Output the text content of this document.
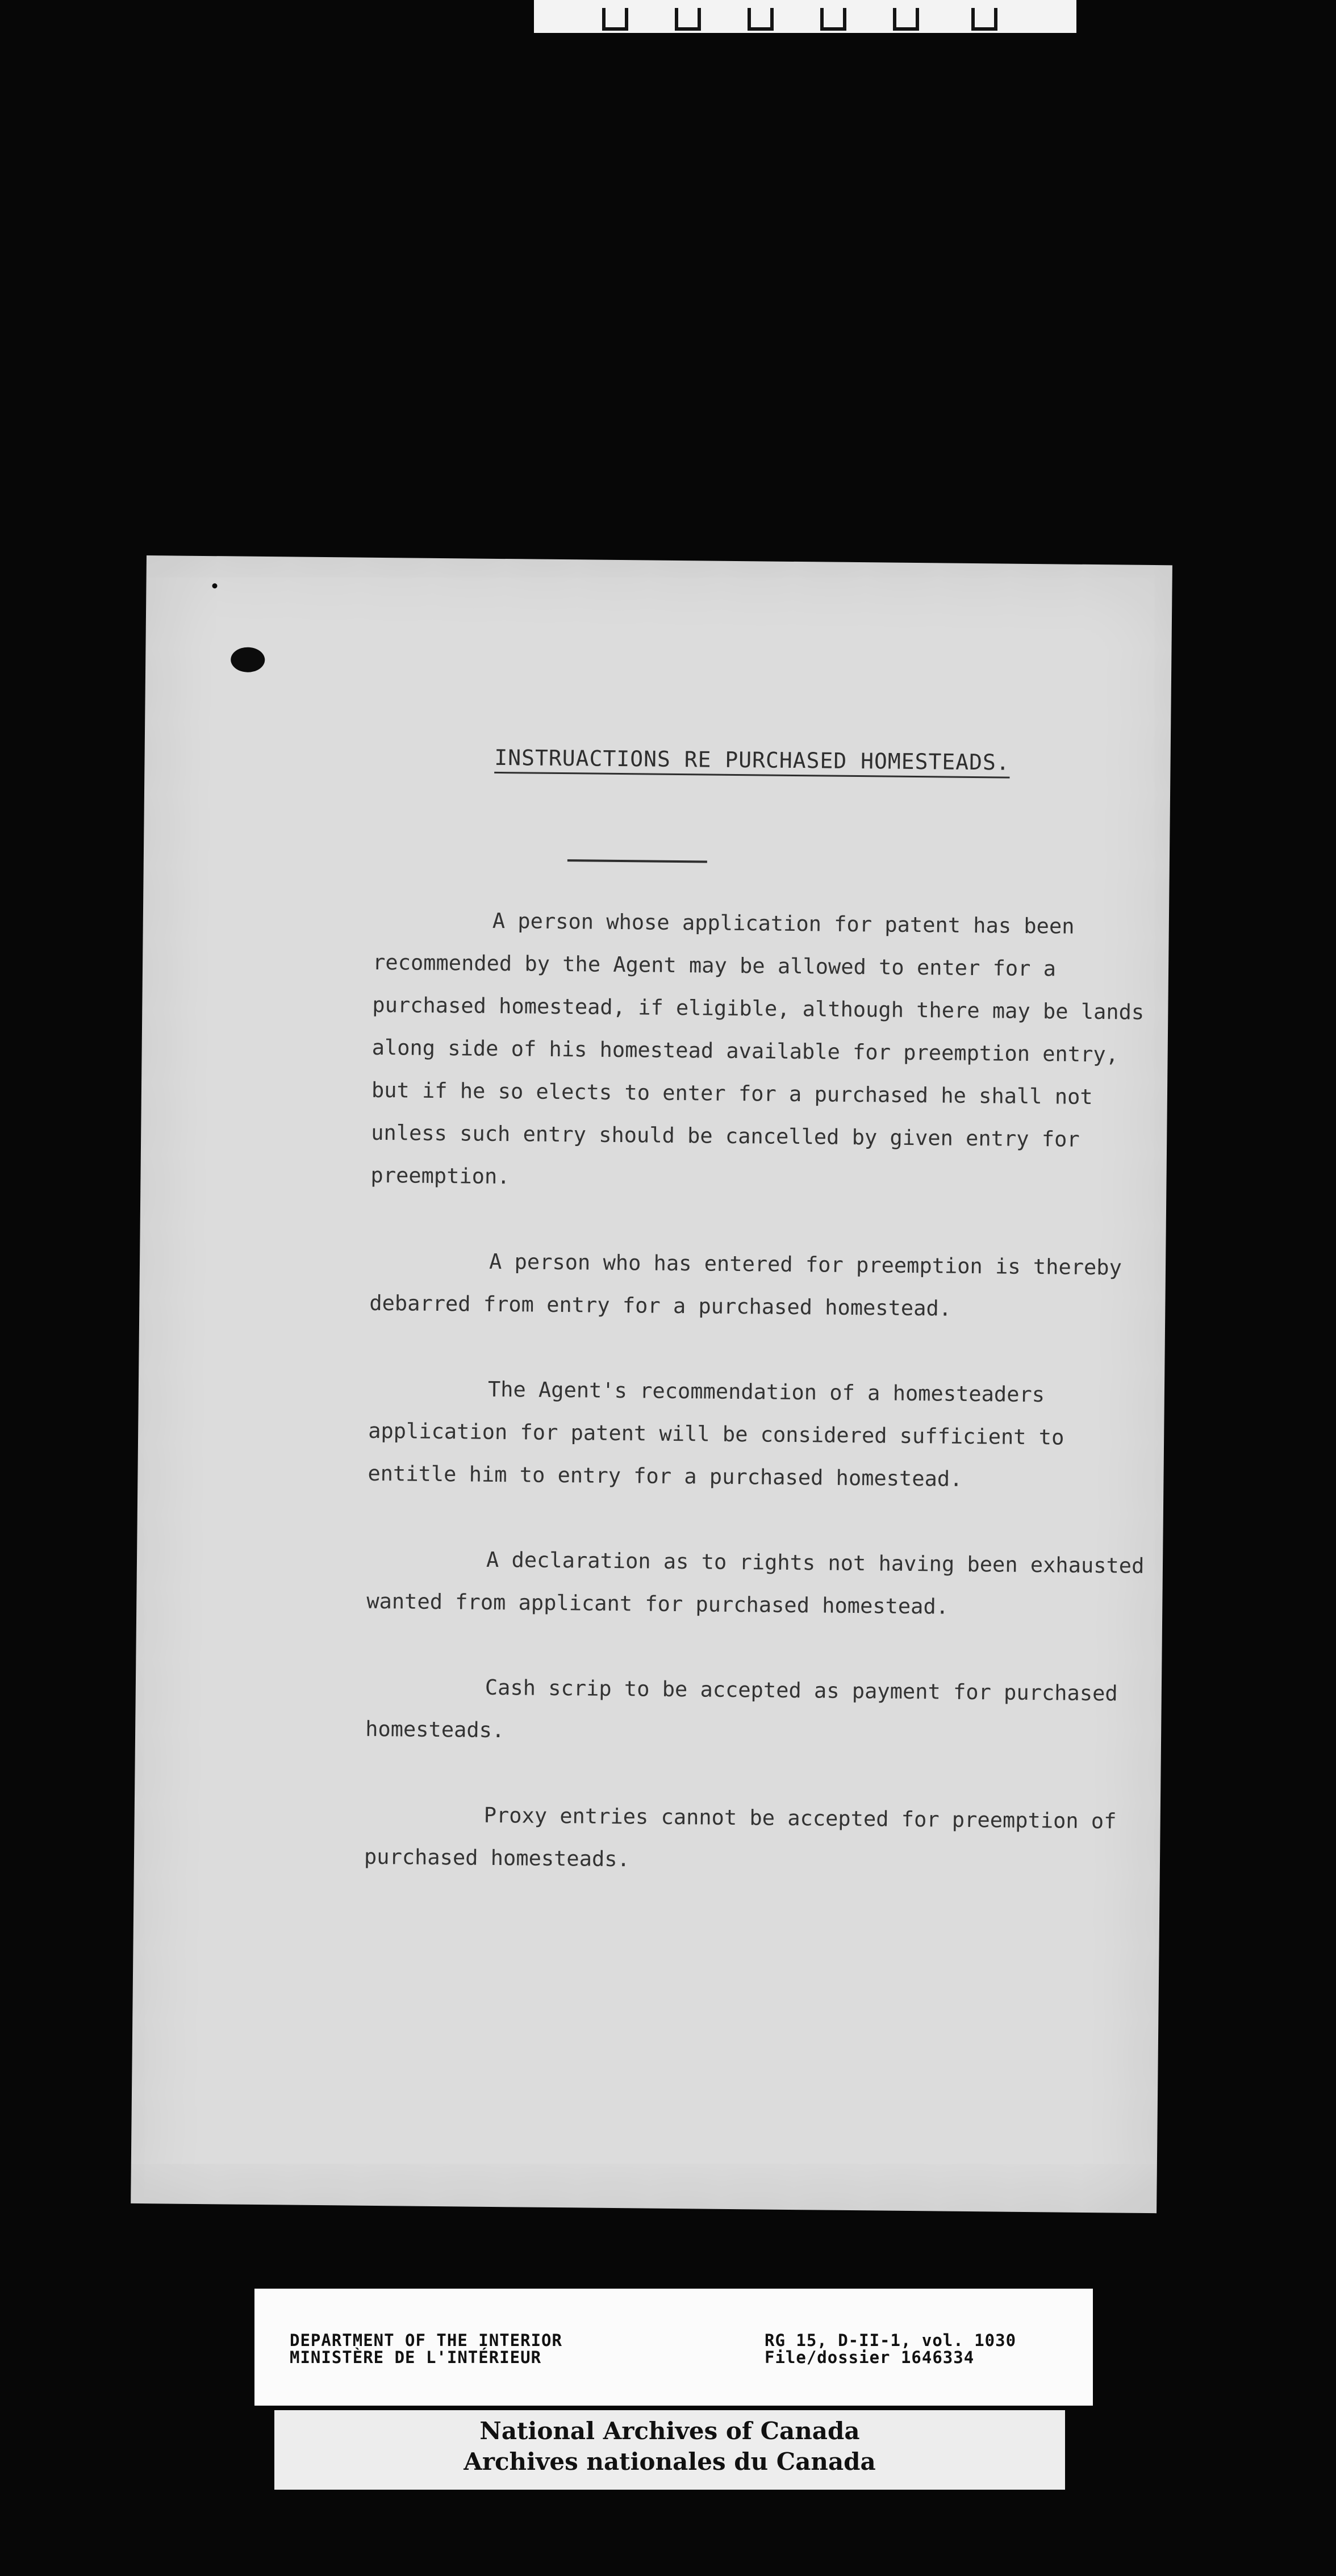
INSTRUACTIONS RE PURCHASED HOMESTEADS.

A person whose application for patent has been recommended by the Agent may be allowed to enter for a purchased homestead, if eligible, although there may be lands along side of his homestead available for preemption entry, but if he so elects to enter for a purchased he shall not unless such entry should be cancelled by given entry for preemption.

A person who has entered for preemption is thereby debarred from entry for a purchased homestead.

The Agent's recommendation of a homesteaders application for patent will be considered sufficient to entitle him to entry for a purchased homestead.

A declaration as to rights not having been exhausted wanted from applicant for purchased homestead.

Cash scrip to be accepted as payment for purchased homesteads.

Proxy entries cannot be accepted for preemption of purchased homesteads.

DEPARTMENT OF THE INTERIOR
MINISTÈRE DE L'INTÉRIEUR
RG 15, D-II-1, vol. 1030
File/dossier 1646334
National Archives of Canada
Archives nationales du Canada
